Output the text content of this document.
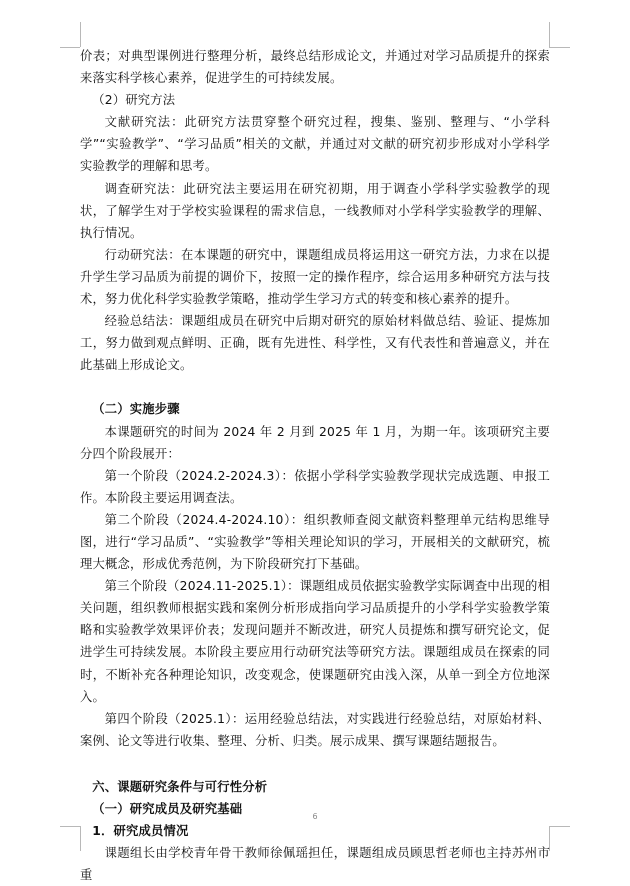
价表；对典型课例进行整理分析，最终总结形成论文，并通过对学习品质提升的探索来落实科学核心素养，促进学生的可持续发展。

（2）研究方法

文献研究法：此研究方法贯穿整个研究过程，搜集、鉴别、整理与、“小学科学”“实验教学”、“学习品质”相关的文献，并通过对文献的研究初步形成对小学科学实验教学的理解和思考。

调查研究法：此研究法主要运用在研究初期，用于调查小学科学实验教学的现状，了解学生对于学校实验课程的需求信息，一线教师对小学科学实验教学的理解、执行情况。

行动研究法：在本课题的研究中，课题组成员将运用这一研究方法，力求在以提升学生学习品质为前提的调价下，按照一定的操作程序，综合运用多种研究方法与技术，努力优化科学实验教学策略，推动学生学习方式的转变和核心素养的提升。

经验总结法：课题组成员在研究中后期对研究的原始材料做总结、验证、提炼加工，努力做到观点鲜明、正确，既有先进性、科学性，又有代表性和普遍意义，并在此基础上形成论文。

（二）实施步骤

本课题研究的时间为 2024 年 2 月到 2025 年 1 月，为期一年。该项研究主要分四个阶段展开：

第一个阶段（2024.2-2024.3）：依据小学科学实验教学现状完成选题、申报工作。本阶段主要运用调查法。

第二个阶段（2024.4-2024.10）：组织教师查阅文献资料整理单元结构思维导图，进行“学习品质”、“实验教学”等相关理论知识的学习，开展相关的文献研究，梳理大概念，形成优秀范例，为下阶段研究打下基础。

第三个阶段（2024.11-2025.1）：课题组成员依据实验教学实际调查中出现的相关问题，组织教师根据实践和案例分析形成指向学习品质提升的小学科学实验教学策略和实验教学效果评价表；发现问题并不断改进，研究人员提炼和撰写研究论文，促进学生可持续发展。本阶段主要应用行动研究法等研究方法。课题组成员在探索的同时，不断补充各种理论知识，改变观念，使课题研究由浅入深，从单一到全方位地深入。

第四个阶段（2025.1）：运用经验总结法，对实践进行经验总结，对原始材料、案例、论文等进行收集、整理、分析、归类。展示成果、撰写课题结题报告。

六、课题研究条件与可行性分析

（一）研究成员及研究基础

1．研究成员情况

课题组长由学校青年骨干教师徐佩瑶担任，课题组成员顾思哲老师也主持苏州市重

6
